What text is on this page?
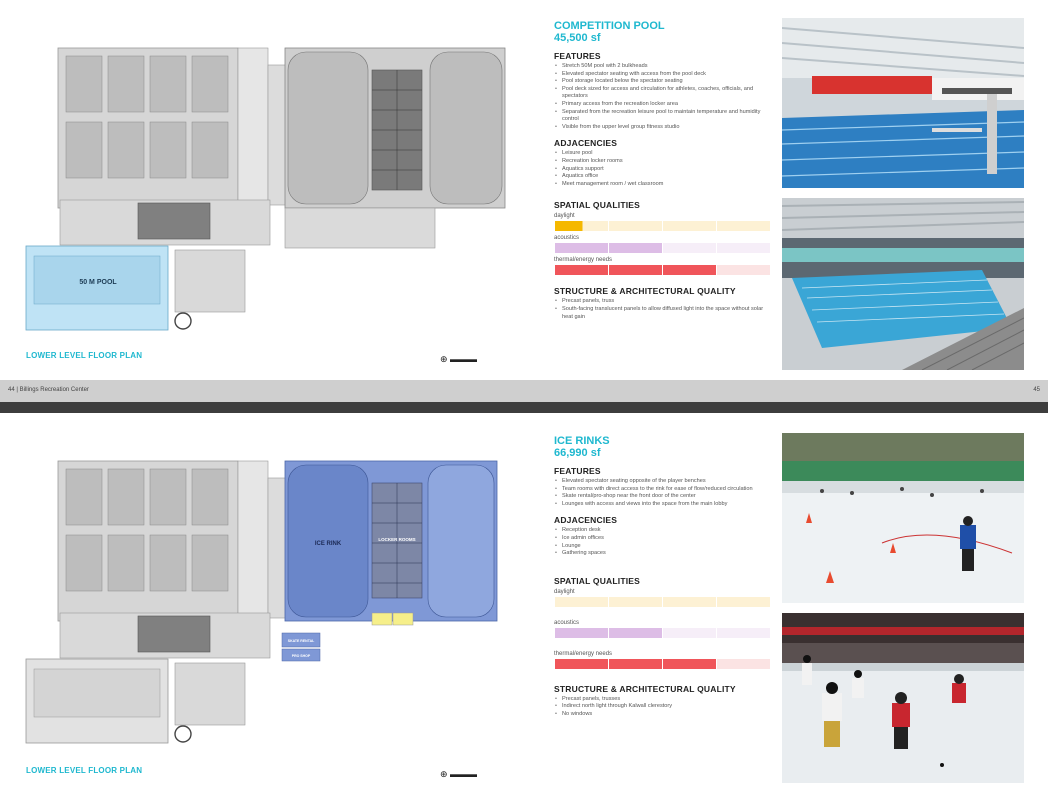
50 M POOL
LOWER LEVEL FLOOR PLAN	⊕ ▬▬▬
COMPETITION POOL
45,500 sf
FEATURES
• Stretch 50M pool with 2 bulkheads
• Elevated spectator seating with access from the pool deck
• Pool storage located below the spectator seating
• Pool deck sized for access and circulation for athletes, coaches, officials, and spectators
• Primary access from the recreation locker area
• Separated from the recreation leisure pool to maintain temperature and humidity control
• Visible from the upper level group fitness studio
ADJACENCIES
• Leisure pool
• Recreation locker rooms
• Aquatics support
• Aquatics office
• Meet management room / wet classroom
SPATIAL QUALITIES
daylight
acoustics
thermal/energy needs
STRUCTURE & ARCHITECTURAL QUALITY
• Precast panels, truss
• South-facing translucent panels to allow diffused light into the space without solar heat gain
44 | Billings Recreation Center	45
ICE RINK
LOCKER ROOMS
SKATE RENTAL
PRO SHOP
LOWER LEVEL FLOOR PLAN	⊕ ▬▬▬
ICE RINKS
66,990 sf
FEATURES
• Elevated spectator seating opposite of the player benches
• Team rooms with direct access to the rink for ease of flow/reduced circulation
• Skate rental/pro-shop near the front door of the center
• Lounges with access and views into the space from the main lobby
ADJACENCIES
• Reception desk
• Ice admin offices
• Lounge
• Gathering spaces
SPATIAL QUALITIES
daylight
acoustics
thermal/energy needs
STRUCTURE & ARCHITECTURAL QUALITY
• Precast panels, trusses
• Indirect north light through Kalwall clerestory
• No windows
